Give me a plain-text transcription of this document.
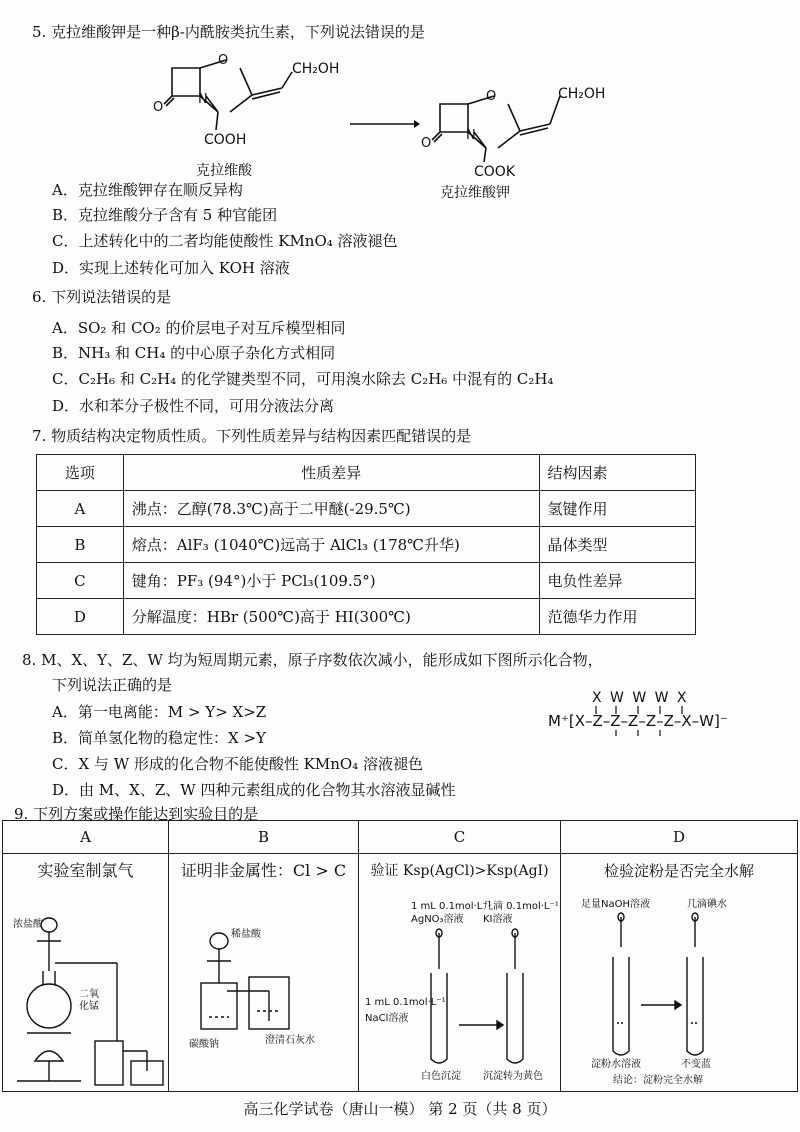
5. 克拉维酸钾是一种β-内酰胺类抗生素，下列说法错误的是
O
N
O
CH₂OH
COOH
克拉维酸
O
N
O
CH₂OH
COOK
克拉维酸钾
A．克拉维酸钾存在顺反异构
B．克拉维酸分子含有 5 种官能团
C．上述转化中的二者均能使酸性 KMnO₄ 溶液褪色
D．实现上述转化可加入 KOH 溶液
6. 下列说法错误的是
A．SO₂ 和 CO₂ 的价层电子对互斥模型相同
B．NH₃ 和 CH₄ 的中心原子杂化方式相同
C．C₂H₆ 和 C₂H₄ 的化学键类型不同，可用溴水除去 C₂H₆ 中混有的 C₂H₄
D．水和苯分子极性不同，可用分液法分离
7. 物质结构决定物质性质。下列性质差异与结构因素匹配错误的是
选项	性质差异	结构因素
A	沸点：乙醇(78.3℃)高于二甲醚(-29.5℃)	氢键作用
B	熔点：AlF₃ (1040℃)远高于 AlCl₃ (178℃升华)	晶体类型
C	键角：PF₃ (94°)小于 PCl₃(109.5°)	电负性差异
D	分解温度：HBr (500℃)高于 HI(300℃)	范德华力作用
8. M、X、Y、Z、W 均为短周期元素，原子序数依次减小，能形成如下图所示化合物，
下列说法正确的是
X W W W X
M⁺[X–Z–Z–Z–Z–Z–X–W]⁻
A．第一电离能：M > Y> X>Z
B．简单氢化物的稳定性：X >Y
C．X 与 W 形成的化合物不能使酸性 KMnO₄ 溶液褪色
D．由 M、X、Z、W 四种元素组成的化合物其水溶液显碱性
9. 下列方案或操作能达到实验目的是
A
实验室制氯气
浓盐酸
二氧
化锰
B
证明非金属性：Cl > C
稀盐酸
碳酸钠	澄清石灰水
C
验证 Ksp(AgCl)>Ksp(AgI)
1 mL 0.1mol·L⁻¹
AgNO₃溶液
几滴 0.1mol·L⁻¹
KI溶液
1 mL 0.1mol·L⁻¹
NaCl溶液
白色沉淀 沉淀转为黄色
D
检验淀粉是否完全水解
足量NaOH溶液	几滴碘水
淀粉水溶液	不变蓝
结论：淀粉完全水解
高三化学试卷（唐山一模） 第 2 页（共 8 页）
